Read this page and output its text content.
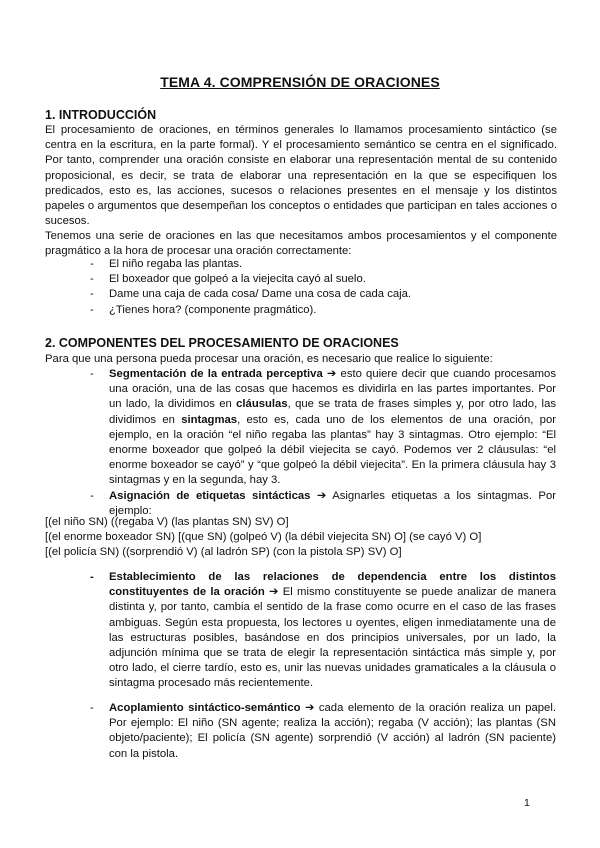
TEMA 4. COMPRENSIÓN DE ORACIONES
1. INTRODUCCIÓN
El procesamiento de oraciones, en términos generales lo llamamos procesamiento sintáctico (se centra en la escritura, en la parte formal). Y el procesamiento semántico se centra en el significado. Por tanto, comprender una oración consiste en elaborar una representación mental de su contenido proposicional, es decir, se trata de elaborar una representación en la que se especifiquen los predicados, esto es, las acciones, sucesos o relaciones presentes en el mensaje y los distintos papeles o argumentos que desempeñan los conceptos o entidades que participan en tales acciones o sucesos.
Tenemos una serie de oraciones en las que necesitamos ambos procesamientos y el componente pragmático a la hora de procesar una oración correctamente:
- El niño regaba las plantas.
- El boxeador que golpeó a la viejecita cayó al suelo.
- Dame una caja de cada cosa/ Dame una cosa de cada caja.
- ¿Tienes hora? (componente pragmático).
2. COMPONENTES DEL PROCESAMIENTO DE ORACIONES
Para que una persona pueda procesar una oración, es necesario que realice lo siguiente:
- Segmentación de la entrada perceptiva ➔ esto quiere decir que cuando procesamos una oración, una de las cosas que hacemos es dividirla en las partes importantes. Por un lado, la dividimos en cláusulas, que se trata de frases simples y, por otro lado, las dividimos en sintagmas, esto es, cada uno de los elementos de una oración, por ejemplo, en la oración “el niño regaba las plantas” hay 3 sintagmas. Otro ejemplo: “El enorme boxeador que golpeó la débil viejecita se cayó. Podemos ver 2 cláusulas: “el enorme boxeador se cayó” y “que golpeó la débil viejecita”. En la primera cláusula hay 3 sintagmas y en la segunda, hay 3.
- Asignación de etiquetas sintácticas ➔ Asignarles etiquetas a los sintagmas. Por ejemplo:
[(el niño SN) ((regaba V) (las plantas SN) SV) O]
[(el enorme boxeador SN) [(que SN) (golpeó V) (la débil viejecita SN) O] (se cayó V) O]
[(el policía SN) ((sorprendió V) (al ladrón SP) (con la pistola SP) SV) O]
- Establecimiento de las relaciones de dependencia entre los distintos constituyentes de la oración ➔ El mismo constituyente se puede analizar de manera distinta y, por tanto, cambia el sentido de la frase como ocurre en el caso de las frases ambiguas. Según esta propuesta, los lectores u oyentes, eligen inmediatamente una de las estructuras posibles, basándose en dos principios universales, por un lado, la adjunción mínima que se trata de elegir la representación sintáctica más simple y, por otro lado, el cierre tardío, esto es, unir las nuevas unidades gramaticales a la cláusula o sintagma procesado más recientemente.
- Acoplamiento sintáctico-semántico ➔ cada elemento de la oración realiza un papel. Por ejemplo: El niño (SN agente; realiza la acción); regaba (V acción); las plantas (SN objeto/paciente); El policía (SN agente) sorprendió (V acción) al ladrón (SN paciente) con la pistola.
1
